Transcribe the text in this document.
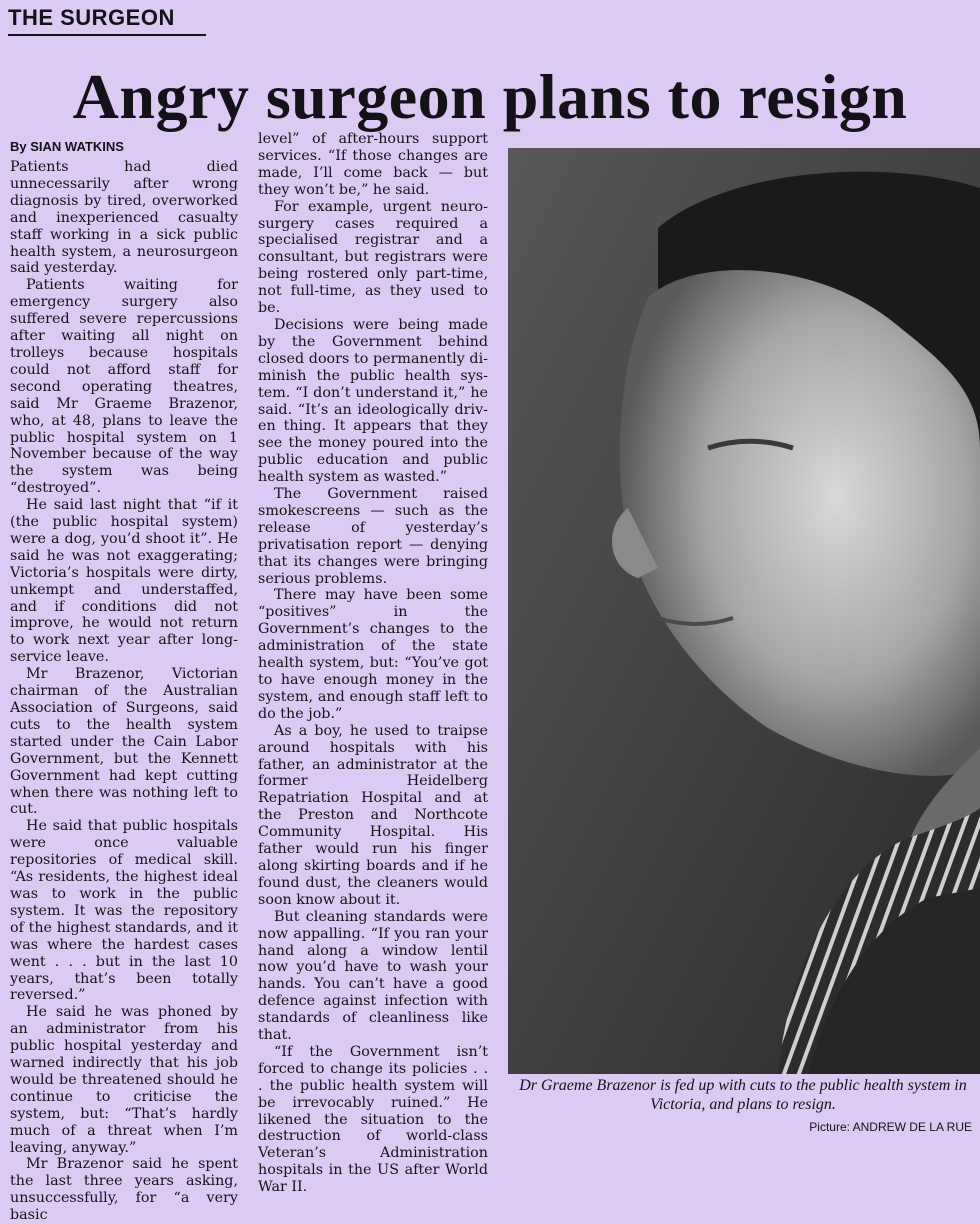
THE SURGEON
Angry surgeon plans to resign
By SIAN WATKINS

Patients had died unnecessarily after wrong diagnosis by tired, overworked and inexperienced casualty staff working in a sick public health system, a neurosurgeon said yesterday.

Patients waiting for emergency surgery also suffered severe repercussions after waiting all night on trolleys because hospitals could not afford staff for second operating theatres, said Mr Graeme Brazenor, who, at 48, plans to leave the public hospital system on 1 November because of the way the system was being “destroyed”.

He said last night that “if it (the public hospital system) were a dog, you’d shoot it”. He said he was not exaggerating; Victoria’s hospitals were dirty, unkempt and understaffed, and if conditions did not improve, he would not return to work next year after long-service leave.

Mr Brazenor, Victorian chairman of the Australian Association of Surgeons, said cuts to the health system started under the Cain Labor Government, but the Kennett Government had kept cutting when there was nothing left to cut.

He said that public hospitals were once valuable repositories of medical skill. “As residents, the highest ideal was to work in the public system. It was the repository of the highest standards, and it was where the hardest cases went . . . but in the last 10 years, that’s been totally reversed.”

He said he was phoned by an administrator from his public hospital yesterday and warned indirectly that his job would be threatened should he continue to criticise the system, but: “That’s hardly much of a threat when I’m leaving, anyway.”

Mr Brazenor said he spent the last three years asking, unsuccessfully, for “a very basic

level” of after-hours support services. “If those changes are made, I’ll come back — but they won’t be,” he said.

For example, urgent neurosurgery cases required a specialised registrar and a consultant, but registrars were being rostered only part-time, not full-time, as they used to be.

Decisions were being made by the Government behind closed doors to permanently diminish the public health system. “I don’t understand it,” he said. “It’s an ideologically driven thing. It appears that they see the money poured into the public education and public health system as wasted.”

The Government raised smokescreens — such as the release of yesterday’s privatisation report — denying that its changes were bringing serious problems.

There may have been some “positives” in the Government’s changes to the administration of the state health system, but: “You’ve got to have enough money in the system, and enough staff left to do the job.”

As a boy, he used to traipse around hospitals with his father, an administrator at the former Heidelberg Repatriation Hospital and at the Preston and Northcote Community Hospital. His father would run his finger along skirting boards and if he found dust, the cleaners would soon know about it.

But cleaning standards were now appalling. “If you ran your hand along a window lentil now you’d have to wash your hands. You can’t have a good defence against infection with standards of cleanliness like that.

“If the Government isn’t forced to change its policies . . . the public health system will be irrevocably ruined.” He likened the situation to the destruction of world-class Veteran’s Administration hospitals in the US after World War II.

Dr Graeme Brazenor is fed up with cuts to the public health system in Victoria, and plans to resign.
Picture: ANDREW DE LA RUE
